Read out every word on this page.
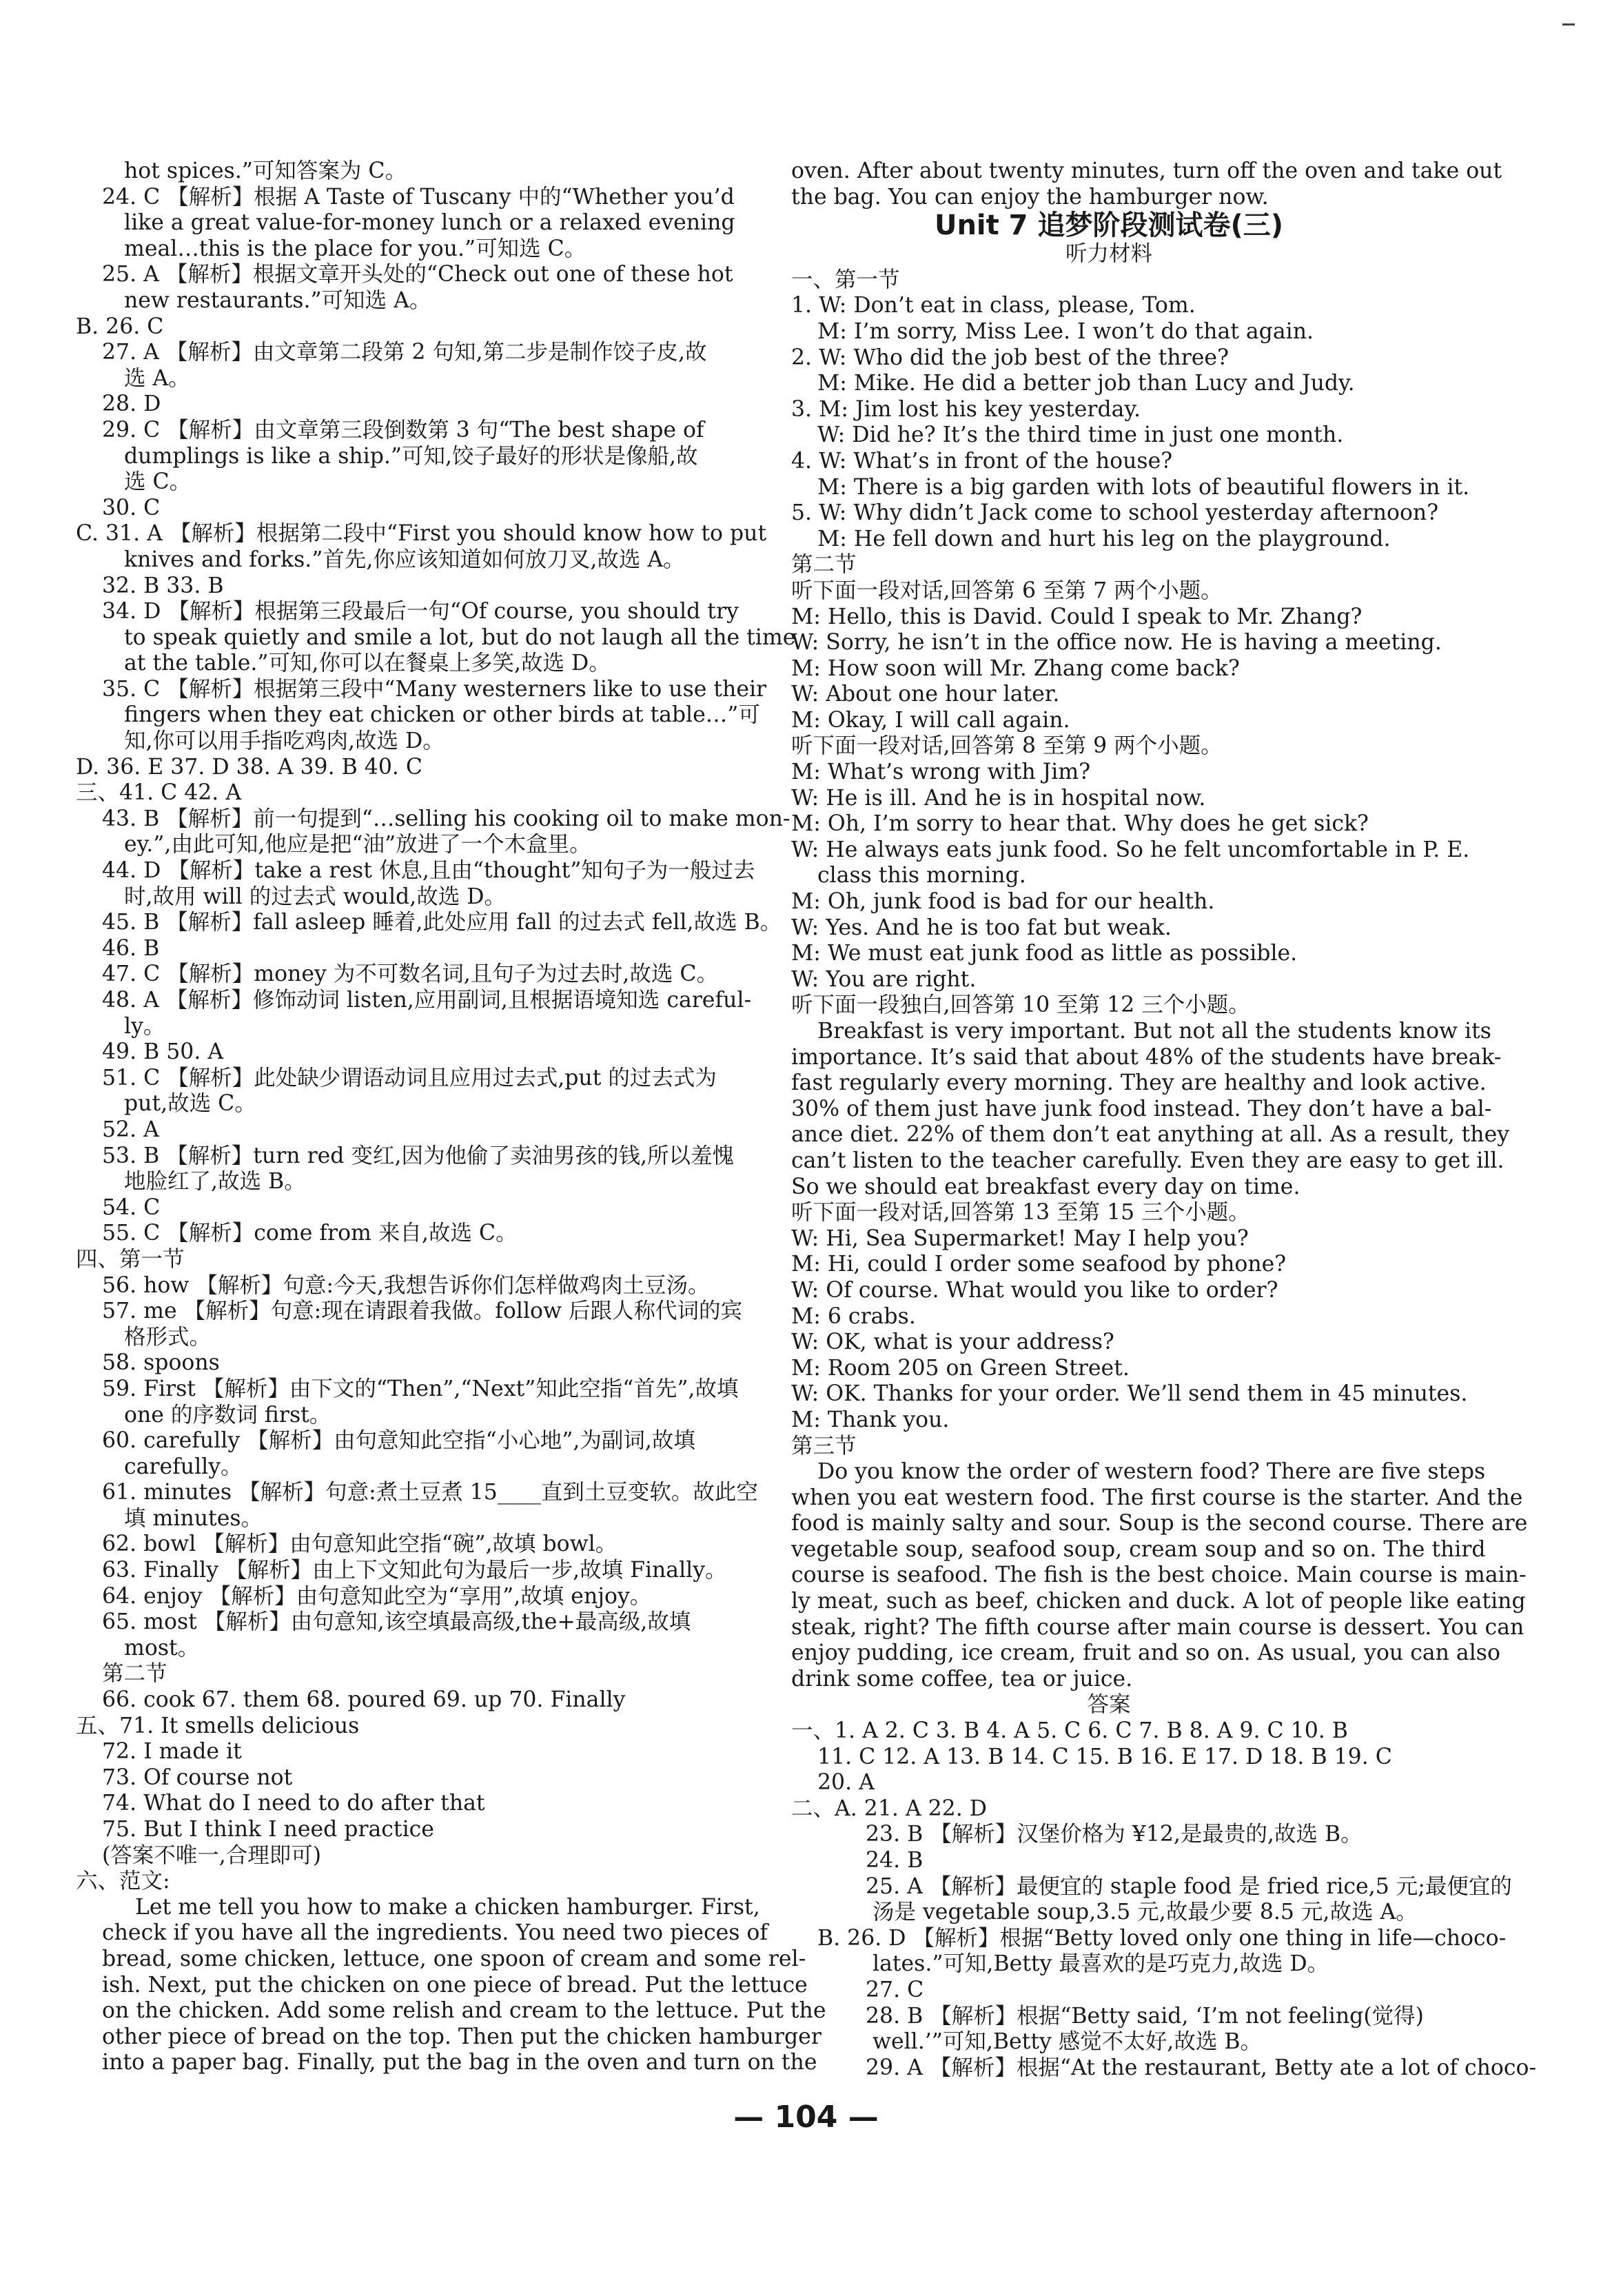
hot spices.”可知答案为 C。
24. C 【解析】根据 A Taste of Tuscany 中的“Whether you’d
like a great value-for-money lunch or a relaxed evening
meal…this is the place for you.”可知选 C。
25. A 【解析】根据文章开头处的“Check out one of these hot
new restaurants.”可知选 A。
B. 26. C
27. A 【解析】由文章第二段第 2 句知,第二步是制作饺子皮,故
选 A。
28. D
29. C 【解析】由文章第三段倒数第 3 句“The best shape of
dumplings is like a ship.”可知,饺子最好的形状是像船,故
选 C。
30. C
C. 31. A 【解析】根据第二段中“First you should know how to put
knives and forks.”首先,你应该知道如何放刀叉,故选 A。
32. B 33. B
34. D 【解析】根据第三段最后一句“Of course, you should try
to speak quietly and smile a lot, but do not laugh all the time
at the table.”可知,你可以在餐桌上多笑,故选 D。
35. C 【解析】根据第三段中“Many westerners like to use their
fingers when they eat chicken or other birds at table…”可
知,你可以用手指吃鸡肉,故选 D。
D. 36. E 37. D 38. A 39. B 40. C
三、41. C 42. A
43. B 【解析】前一句提到“…selling his cooking oil to make mon-
ey.”,由此可知,他应是把“油”放进了一个木盒里。
44. D 【解析】take a rest 休息,且由“thought”知句子为一般过去
时,故用 will 的过去式 would,故选 D。
45. B 【解析】fall asleep 睡着,此处应用 fall 的过去式 fell,故选 B。
46. B
47. C 【解析】money 为不可数名词,且句子为过去时,故选 C。
48. A 【解析】修饰动词 listen,应用副词,且根据语境知选 careful-
ly。
49. B 50. A
51. C 【解析】此处缺少谓语动词且应用过去式,put 的过去式为
put,故选 C。
52. A
53. B 【解析】turn red 变红,因为他偷了卖油男孩的钱,所以羞愧
地脸红了,故选 B。
54. C
55. C 【解析】come from 来自,故选 C。
四、第一节
56. how 【解析】句意:今天,我想告诉你们怎样做鸡肉土豆汤。
57. me 【解析】句意:现在请跟着我做。follow 后跟人称代词的宾
格形式。
58. spoons
59. First 【解析】由下文的“Then”,“Next”知此空指“首先”,故填
one 的序数词 first。
60. carefully 【解析】由句意知此空指“小心地”,为副词,故填
carefully。
61. minutes 【解析】句意:煮土豆煮 15____直到土豆变软。故此空
填 minutes。
62. bowl 【解析】由句意知此空指“碗”,故填 bowl。
63. Finally 【解析】由上下文知此句为最后一步,故填 Finally。
64. enjoy 【解析】由句意知此空为“享用”,故填 enjoy。
65. most 【解析】由句意知,该空填最高级,the+最高级,故填
most。
第二节
66. cook 67. them 68. poured 69. up 70. Finally
五、71. It smells delicious
72. I made it
73. Of course not
74. What do I need to do after that
75. But I think I need practice
(答案不唯一,合理即可)
六、范文:
Let me tell you how to make a chicken hamburger. First,
check if you have all the ingredients. You need two pieces of
bread, some chicken, lettuce, one spoon of cream and some rel-
ish. Next, put the chicken on one piece of bread. Put the lettuce
on the chicken. Add some relish and cream to the lettuce. Put the
other piece of bread on the top. Then put the chicken hamburger
into a paper bag. Finally, put the bag in the oven and turn on the
oven. After about twenty minutes, turn off the oven and take out
the bag. You can enjoy the hamburger now.
Unit 7 追梦阶段测试卷(三)
听力材料
一、第一节
1. W: Don’t eat in class, please, Tom.
M: I’m sorry, Miss Lee. I won’t do that again.
2. W: Who did the job best of the three?
M: Mike. He did a better job than Lucy and Judy.
3. M: Jim lost his key yesterday.
W: Did he? It’s the third time in just one month.
4. W: What’s in front of the house?
M: There is a big garden with lots of beautiful flowers in it.
5. W: Why didn’t Jack come to school yesterday afternoon?
M: He fell down and hurt his leg on the playground.
第二节
听下面一段对话,回答第 6 至第 7 两个小题。
M: Hello, this is David. Could I speak to Mr. Zhang?
W: Sorry, he isn’t in the office now. He is having a meeting.
M: How soon will Mr. Zhang come back?
W: About one hour later.
M: Okay, I will call again.
听下面一段对话,回答第 8 至第 9 两个小题。
M: What’s wrong with Jim?
W: He is ill. And he is in hospital now.
M: Oh, I’m sorry to hear that. Why does he get sick?
W: He always eats junk food. So he felt uncomfortable in P. E.
class this morning.
M: Oh, junk food is bad for our health.
W: Yes. And he is too fat but weak.
M: We must eat junk food as little as possible.
W: You are right.
听下面一段独白,回答第 10 至第 12 三个小题。
Breakfast is very important. But not all the students know its
importance. It’s said that about 48% of the students have break-
fast regularly every morning. They are healthy and look active.
30% of them just have junk food instead. They don’t have a bal-
ance diet. 22% of them don’t eat anything at all. As a result, they
can’t listen to the teacher carefully. Even they are easy to get ill.
So we should eat breakfast every day on time.
听下面一段对话,回答第 13 至第 15 三个小题。
W: Hi, Sea Supermarket! May I help you?
M: Hi, could I order some seafood by phone?
W: Of course. What would you like to order?
M: 6 crabs.
W: OK, what is your address?
M: Room 205 on Green Street.
W: OK. Thanks for your order. We’ll send them in 45 minutes.
M: Thank you.
第三节
Do you know the order of western food? There are five steps
when you eat western food. The first course is the starter. And the
food is mainly salty and sour. Soup is the second course. There are
vegetable soup, seafood soup, cream soup and so on. The third
course is seafood. The fish is the best choice. Main course is main-
ly meat, such as beef, chicken and duck. A lot of people like eating
steak, right? The fifth course after main course is dessert. You can
enjoy pudding, ice cream, fruit and so on. As usual, you can also
drink some coffee, tea or juice.
答案
一、1. A 2. C 3. B 4. A 5. C 6. C 7. B 8. A 9. C 10. B
11. C 12. A 13. B 14. C 15. B 16. E 17. D 18. B 19. C
20. A
二、A. 21. A 22. D
23. B 【解析】汉堡价格为 ¥12,是最贵的,故选 B。
24. B
25. A 【解析】最便宜的 staple food 是 fried rice,5 元;最便宜的
汤是 vegetable soup,3.5 元,故最少要 8.5 元,故选 A。
B. 26. D 【解析】根据“Betty loved only one thing in life—choco-
lates.”可知,Betty 最喜欢的是巧克力,故选 D。
27. C
28. B 【解析】根据“Betty said, ‘I’m not feeling(觉得)
well.’”可知,Betty 感觉不太好,故选 B。
29. A 【解析】根据“At the restaurant, Betty ate a lot of choco-
— 104 —
